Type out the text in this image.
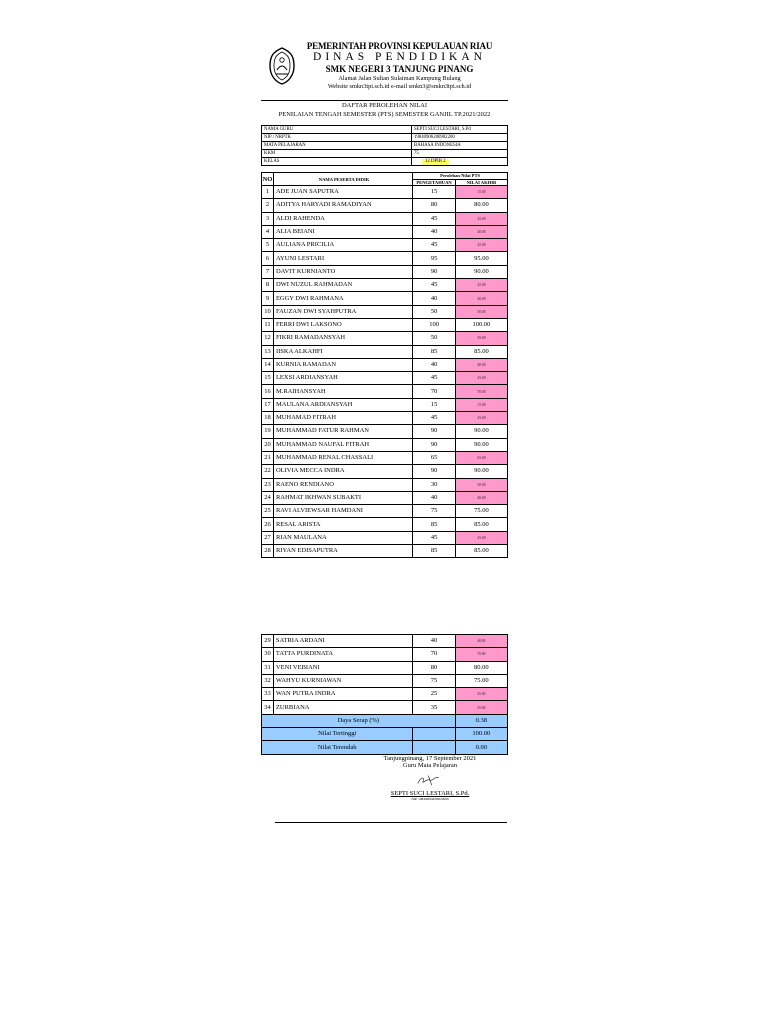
PEMERINTAH PROVINSI KEPULAUAN RIAU
DINAS PENDIDIKAN
SMK NEGERI 3 TANJUNG PINANG
Alamat Jalan Sultan Sulaiman Kampung Bulang
Website smkn3tpi.sch.id e-mail smkn3@smkn3tpi.sch.id
DAFTAR PEROLEHAN NILAI
PENILAIAN TENGAH SEMESTER (PTS) SEMESTER GANJIL TP.2021/2022
NAMA GURU	SEPTI SUCI LESTARI, S.Pd
NIP / NRPTK	19840906200902200
MATA PELAJARAN	BAHASA INDONESIA
KKM	75
KELAS	12 DPIB 2
NO	NAMA PESERTA DIDIK	Perolehan Nilai PTS	
		PENGETAHUAN	NILAI AKHIR
1	ADE JUAN SAPUTRA	15	15.00
2	ADITYA HARYADI RAMADIYAN	80	80.00
3	ALDI RAHENDA	45	45.00
4	ALIA BEIANI	40	40.00
5	AULIANA PRICILIA	45	45.00
6	AYUNI LESTARI	95	95.00
7	DAVIT KURNIANTO	90	90.00
8	DWI NUZUL RAHMADAN	45	45.00
9	EGGY DWI RAHMANA	40	40.00
10	FAUZAN DWI SYAHPUTRA	50	50.00
11	FERRI DWI LAKSONO	100	100.00
12	FIKRI RAMADANSYAH	50	50.00
13	IISKA ALKAHFI	85	85.00
14	KURNIA RAMADAN	40	40.00
15	LEXSI ARDIANSYAH	45	45.00
16	M.RAIHANSYAH	70	70.00
17	MAULANA ARDIANSYAH	15	15.00
18	MUHAMAD FITRAH	45	45.00
19	MUHAMMAD FATUR RAHMAN	90	90.00
20	MUHAMMAD NAUFAL FITRAH	90	90.00
21	MUHAMMAD RENAL CHASSALI	65	65.00
22	OLIVIA MECCA INDRA	90	90.00
23	RAENO RENDIANO	30	30.00
24	RAHMAT IKHWAN SUBAKTI	40	40.00
25	RAVI ALVIEWSAR HAMDANI	75	75.00
26	RESAL ARISTA	85	85.00
27	RIAN MAULANA	45	45.00
28	RIYAN EDISAPUTRA	85	85.00
29	SATRIA ARDANI	40	40.00
30	TATTA PURDINATA	70	70.00
31	VENI VEBIANI	80	80.00
32	WAHYU KURNIAWAN	75	75.00
33	WAN PUTRA INDRA	25	25.00
34	ZURBIANA	35	35.00
Daya Serap (%)			0.38
Nilai Tertinggi			100.00
Nilai Terendah			0.00
Tanjungpinang, 17 September 2021
Guru Mata Pelajaran
SEPTI SUCI LESTARI, S.Pd.
NIP. 198409062009022006
